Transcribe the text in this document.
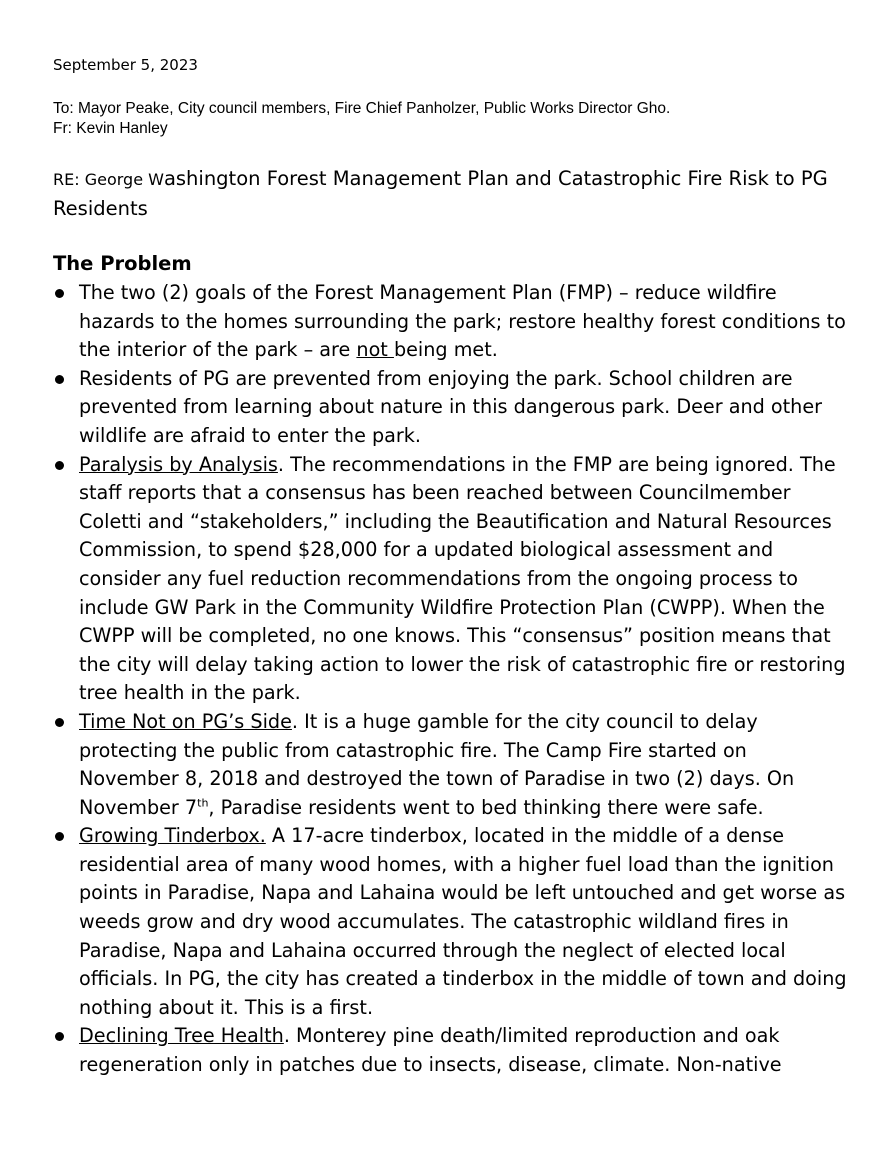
September 5, 2023
To: Mayor Peake, City council members, Fire Chief Panholzer, Public Works Director Gho.
Fr: Kevin Hanley
RE: George Washington Forest Management Plan and Catastrophic Fire Risk to PG
Residents
The Problem
The two (2) goals of the Forest Management Plan (FMP) – reduce wildfire hazards to the homes surrounding the park; restore healthy forest conditions to the interior of the park – are not being met.
Residents of PG are prevented from enjoying the park. School children are prevented from learning about nature in this dangerous park. Deer and other wildlife are afraid to enter the park.
Paralysis by Analysis. The recommendations in the FMP are being ignored. The staff reports that a consensus has been reached between Councilmember Coletti and “stakeholders,” including the Beautification and Natural Resources Commission, to spend $28,000 for a updated biological assessment and consider any fuel reduction recommendations from the ongoing process to include GW Park in the Community Wildfire Protection Plan (CWPP). When the CWPP will be completed, no one knows. This “consensus” position means that the city will delay taking action to lower the risk of catastrophic fire or restoring tree health in the park.
Time Not on PG’s Side. It is a huge gamble for the city council to delay protecting the public from catastrophic fire. The Camp Fire started on November 8, 2018 and destroyed the town of Paradise in two (2) days. On November 7th, Paradise residents went to bed thinking there were safe.
Growing Tinderbox. A 17-acre tinderbox, located in the middle of a dense residential area of many wood homes, with a higher fuel load than the ignition points in Paradise, Napa and Lahaina would be left untouched and get worse as weeds grow and dry wood accumulates. The catastrophic wildland fires in Paradise, Napa and Lahaina occurred through the neglect of elected local officials. In PG, the city has created a tinderbox in the middle of town and doing nothing about it. This is a first.
Declining Tree Health. Monterey pine death/limited reproduction and oak regeneration only in patches due to insects, disease, climate. Non-native
